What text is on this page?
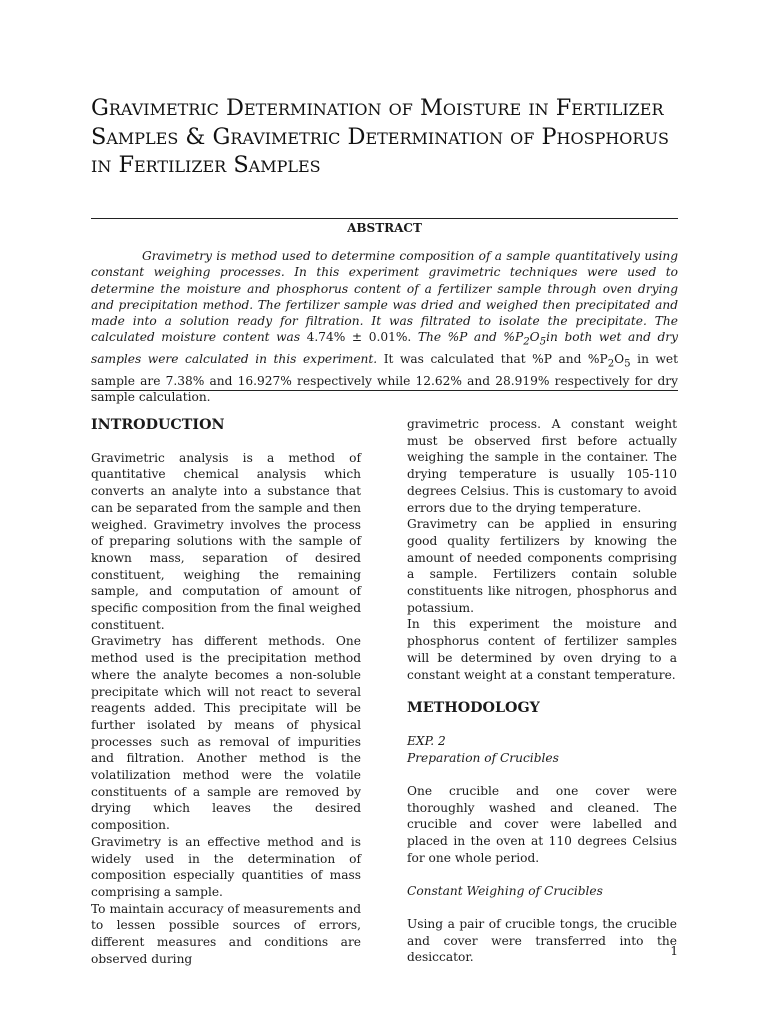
Gravimetric Determination of Moisture in Fertilizer Samples & Gravimetric Determination of Phosphorus in Fertilizer Samples
ABSTRACT

Gravimetry is method used to determine composition of a sample quantitatively using constant weighing processes. In this experiment gravimetric techniques were used to determine the moisture and phosphorus content of a fertilizer sample through oven drying and precipitation method. The fertilizer sample was dried and weighed then precipitated and made into a solution ready for filtration. It was filtrated to isolate the precipitate. The calculated moisture content was 4.74% ± 0.01%. The %P and $\%P_2O_5in$ both wet and dry samples were calculated in this experiment. It was calculated that %P and $\%P_2O_5$ in wet sample are 7.38% and 16.927% respectively while 12.62% and 28.919% respectively for dry sample calculation.

INTRODUCTION

Gravimetric analysis is a method of quantitative chemical analysis which converts an analyte into a substance that can be separated from the sample and then weighed. Gravimetry involves the process of preparing solutions with the sample of known mass, separation of desired constituent, weighing the remaining sample, and computation of amount of specific composition from the final weighed constituent.

Gravimetry has different methods. One method used is the precipitation method where the analyte becomes a non-soluble precipitate which will not react to several reagents added. This precipitate will be further isolated by means of physical processes such as removal of impurities and filtration. Another method is the volatilization method were the volatile constituents of a sample are removed by drying which leaves the desired composition.

Gravimetry is an effective method and is widely used in the determination of composition especially quantities of mass comprising a sample.

To maintain accuracy of measurements and to lessen possible sources of errors, different measures and conditions are observed during

gravimetric process. A constant weight must be observed first before actually weighing the sample in the container. The drying temperature is usually 105-110 degrees Celsius. This is customary to avoid errors due to the drying temperature.

Gravimetry can be applied in ensuring good quality fertilizers by knowing the amount of needed components comprising a sample. Fertilizers contain soluble constituents like nitrogen, phosphorus and potassium.

In this experiment the moisture and phosphorus content of fertilizer samples will be determined by oven drying to a constant weight at a constant temperature.

METHODOLOGY

EXP. 2

Preparation of Crucibles

One crucible and one cover were thoroughly washed and cleaned. The crucible and cover were labelled and placed in the oven at 110 degrees Celsius for one whole period.

Constant Weighing of Crucibles

Using a pair of crucible tongs, the crucible and cover were transferred into the desiccator.	1
